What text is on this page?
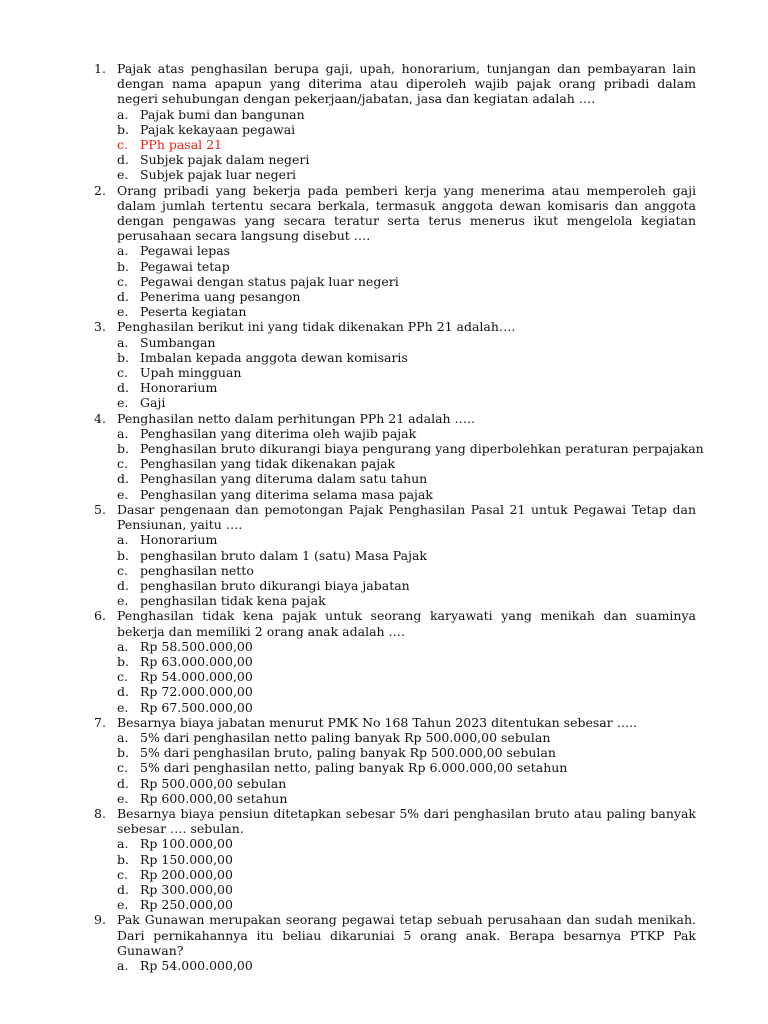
1. Pajak atas penghasilan berupa gaji, upah, honorarium, tunjangan dan pembayaran lain dengan nama apapun yang diterima atau diperoleh wajib pajak orang pribadi dalam negeri sehubungan dengan pekerjaan/jabatan, jasa dan kegiatan adalah ….
a. Pajak bumi dan bangunan
b. Pajak kekayaan pegawai
c. PPh pasal 21
d. Subjek pajak dalam negeri
e. Subjek pajak luar negeri
2. Orang pribadi yang bekerja pada pemberi kerja yang menerima atau memperoleh gaji dalam jumlah tertentu secara berkala, termasuk anggota dewan komisaris dan anggota dengan pengawas yang secara teratur serta terus menerus ikut mengelola kegiatan perusahaan secara langsung disebut ….
a. Pegawai lepas
b. Pegawai tetap
c. Pegawai dengan status pajak luar negeri
d. Penerima uang pesangon
e. Peserta kegiatan
3. Penghasilan berikut ini yang tidak dikenakan PPh 21 adalah….
a. Sumbangan
b. Imbalan kepada anggota dewan komisaris
c. Upah mingguan
d. Honorarium
e. Gaji
4. Penghasilan netto dalam perhitungan PPh 21 adalah …..
a. Penghasilan yang diterima oleh wajib pajak
b. Penghasilan bruto dikurangi biaya pengurang yang diperbolehkan peraturan perpajakan
c. Penghasilan yang tidak dikenakan pajak
d. Penghasilan yang diteruma dalam satu tahun
e. Penghasilan yang diterima selama masa pajak
5. Dasar pengenaan dan pemotongan Pajak Penghasilan Pasal 21 untuk Pegawai Tetap dan Pensiunan, yaitu ….
a. Honorarium
b. penghasilan bruto dalam 1 (satu) Masa Pajak
c. penghasilan netto
d. penghasilan bruto dikurangi biaya jabatan
e. penghasilan tidak kena pajak
6. Penghasilan tidak kena pajak untuk seorang karyawati yang menikah dan suaminya bekerja dan memiliki 2 orang anak adalah ….
a. Rp 58.500.000,00
b. Rp 63.000.000,00
c. Rp 54.000.000,00
d. Rp 72.000.000,00
e. Rp 67.500.000,00
7. Besarnya biaya jabatan menurut PMK No 168 Tahun 2023 ditentukan sebesar …..
a. 5% dari penghasilan netto paling banyak Rp 500.000,00 sebulan
b. 5% dari penghasilan bruto, paling banyak Rp 500.000,00 sebulan
c. 5% dari penghasilan netto, paling banyak Rp 6.000.000,00 setahun
d. Rp 500.000,00 sebulan
e. Rp 600.000,00 setahun
8. Besarnya biaya pensiun ditetapkan sebesar 5% dari penghasilan bruto atau paling banyak sebesar …. sebulan.
a. Rp 100.000,00
b. Rp 150.000,00
c. Rp 200.000,00
d. Rp 300.000,00
e. Rp 250.000,00
9. Pak Gunawan merupakan seorang pegawai tetap sebuah perusahaan dan sudah menikah. Dari pernikahannya itu beliau dikaruniai 5 orang anak. Berapa besarnya PTKP Pak Gunawan?
a. Rp 54.000.000,00
